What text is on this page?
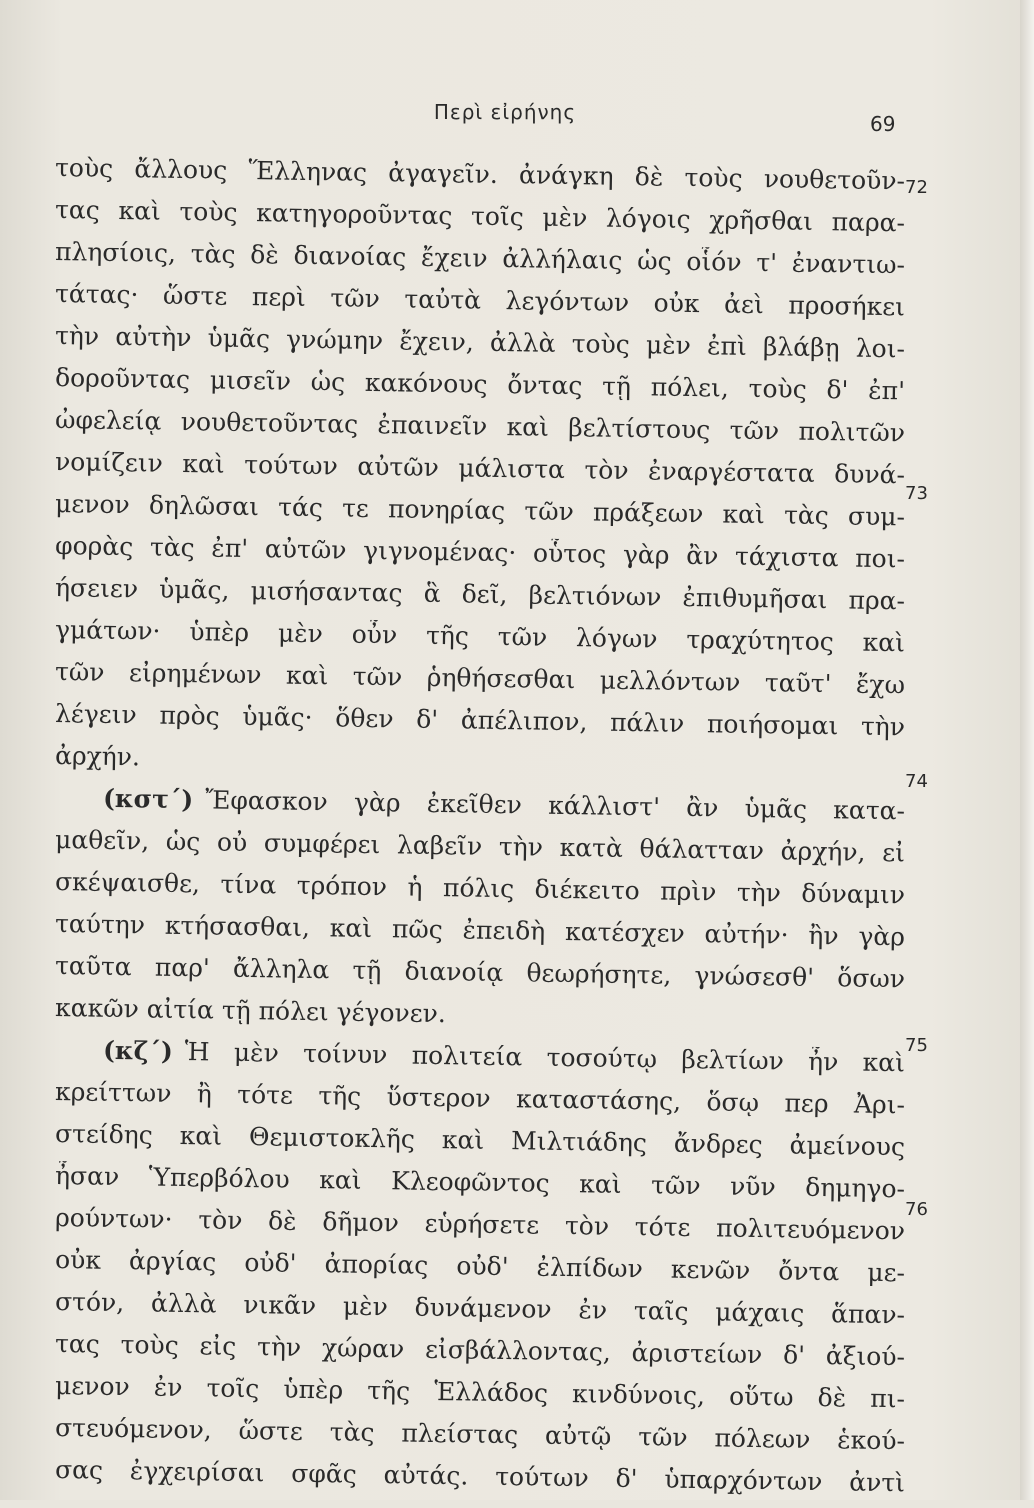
Περὶ εἰρήνης	69
τοὺς ἄλλους Ἕλληνας ἀγαγεῖν. ἀνάγκη δὲ τοὺς νουθετοῦν-
τας καὶ τοὺς κατηγοροῦντας τοῖς μὲν λόγοις χρῆσθαι παρα-
πλησίοις, τὰς δὲ διανοίας ἔχειν ἀλλήλαις ὡς οἷόν τ' ἐναντιω-
τάτας· ὥστε περὶ τῶν ταὐτὰ λεγόντων οὐκ ἀεὶ προσήκει
τὴν αὐτὴν ὑμᾶς γνώμην ἔχειν, ἀλλὰ τοὺς μὲν ἐπὶ βλάβῃ λοι-
δοροῦντας μισεῖν ὡς κακόνους ὄντας τῇ πόλει, τοὺς δ' ἐπ'
ὠφελείᾳ νουθετοῦντας ἐπαινεῖν καὶ βελτίστους τῶν πολιτῶν
νομίζειν καὶ τούτων αὐτῶν μάλιστα τὸν ἐναργέστατα δυνά-
μενον δηλῶσαι τάς τε πονηρίας τῶν πράξεων καὶ τὰς συμ-
φορὰς τὰς ἐπ' αὐτῶν γιγνομένας· οὗτος γὰρ ἂν τάχιστα ποι-
ήσειεν ὑμᾶς, μισήσαντας ἃ δεῖ, βελτιόνων ἐπιθυμῆσαι πρα-
γμάτων· ὑπὲρ μὲν οὖν τῆς τῶν λόγων τραχύτητος καὶ
τῶν εἰρημένων καὶ τῶν ῥηθήσεσθαι μελλόντων ταῦτ' ἔχω
λέγειν πρὸς ὑμᾶς· ὅθεν δ' ἀπέλιπον, πάλιν ποιήσομαι τὴν
ἀρχήν.
(κστ΄) Ἔφασκον γὰρ ἐκεῖθεν κάλλιστ' ἂν ὑμᾶς κατα-
μαθεῖν, ὡς οὐ συμφέρει λαβεῖν τὴν κατὰ θάλατταν ἀρχήν, εἰ
σκέψαισθε, τίνα τρόπον ἡ πόλις διέκειτο πρὶν τὴν δύναμιν
ταύτην κτήσασθαι, καὶ πῶς ἐπειδὴ κατέσχεν αὐτήν· ἢν γὰρ
ταῦτα παρ' ἄλληλα τῇ διανοίᾳ θεωρήσητε, γνώσεσθ' ὅσων
κακῶν αἰτία τῇ πόλει γέγονεν.
(κζ΄) Ἡ μὲν τοίνυν πολιτεία τοσούτῳ βελτίων ἦν καὶ
κρείττων ἢ τότε τῆς ὕστερον καταστάσης, ὅσῳ περ Ἀρι-
στείδης καὶ Θεμιστοκλῆς καὶ Μιλτιάδης ἄνδρες ἀμείνους
ἦσαν Ὑπερβόλου καὶ Κλεοφῶντος καὶ τῶν νῦν δημηγο-
ρούντων· τὸν δὲ δῆμον εὑρήσετε τὸν τότε πολιτευόμενον
οὐκ ἀργίας οὐδ' ἀπορίας οὐδ' ἐλπίδων κενῶν ὄντα με-
στόν, ἀλλὰ νικᾶν μὲν δυνάμενον ἐν ταῖς μάχαις ἅπαν-
τας τοὺς εἰς τὴν χώραν εἰσβάλλοντας, ἀριστείων δ' ἀξιού-
μενον ἐν τοῖς ὑπὲρ τῆς Ἑλλάδος κινδύνοις, οὕτω δὲ πι-
στευόμενον, ὥστε τὰς πλείστας αὐτῷ τῶν πόλεων ἑκού-
σας ἐγχειρίσαι σφᾶς αὐτάς. τούτων δ' ὑπαρχόντων ἀντὶ
72
73
74
75
76
